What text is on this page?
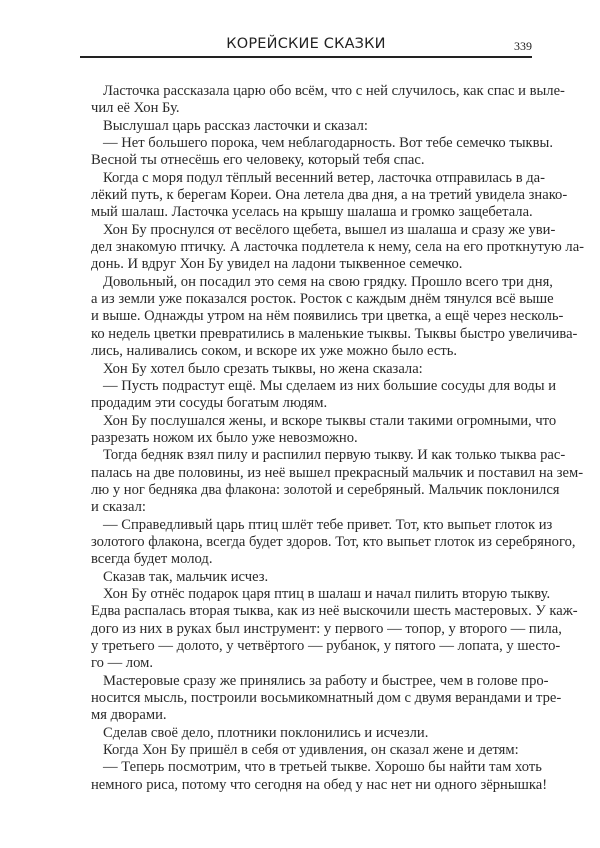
КОРЕЙСКИЕ СКАЗКИ	339
Ласточка рассказала царю обо всём, что с ней случилось, как спас и выле-
чил её Хон Бу.
Выслушал царь рассказ ласточки и сказал:
— Нет большего порока, чем неблагодарность. Вот тебе семечко тыквы.
Весной ты отнесёшь его человеку, который тебя спас.
Когда с моря подул тёплый весенний ветер, ласточка отправилась в да-
лёкий путь, к берегам Кореи. Она летела два дня, а на третий увидела знако-
мый шалаш. Ласточка уселась на крышу шалаша и громко защебетала.
Хон Бу проснулся от весёлого щебета, вышел из шалаша и сразу же уви-
дел знакомую птичку. А ласточка подлетела к нему, села на его проткнутую ла-
донь. И вдруг Хон Бу увидел на ладони тыквенное семечко.
Довольный, он посадил это семя на свою грядку. Прошло всего три дня,
а из земли уже показался росток. Росток с каждым днём тянулся всё выше
и выше. Однажды утром на нём появились три цветка, а ещё через несколь-
ко недель цветки превратились в маленькие тыквы. Тыквы быстро увеличива-
лись, наливались соком, и вскоре их уже можно было есть.
Хон Бу хотел было срезать тыквы, но жена сказала:
— Пусть подрастут ещё. Мы сделаем из них большие сосуды для воды и
продадим эти сосуды богатым людям.
Хон Бу послушался жены, и вскоре тыквы стали такими огромными, что
разрезать ножом их было уже невозможно.
Тогда бедняк взял пилу и распилил первую тыкву. И как только тыква рас-
палась на две половины, из неё вышел прекрасный мальчик и поставил на зем-
лю у ног бедняка два флакона: золотой и серебряный. Мальчик поклонился
и сказал:
— Справедливый царь птиц шлёт тебе привет. Тот, кто выпьет глоток из
золотого флакона, всегда будет здоров. Тот, кто выпьет глоток из серебряного,
всегда будет молод.
Сказав так, мальчик исчез.
Хон Бу отнёс подарок царя птиц в шалаш и начал пилить вторую тыкву.
Едва распалась вторая тыква, как из неё выскочили шесть мастеровых. У каж-
дого из них в руках был инструмент: у первого — топор, у второго — пила,
у третьего — долото, у четвёртого — рубанок, у пятого — лопата, у шесто-
го — лом.
Мастеровые сразу же принялись за работу и быстрее, чем в голове про-
носится мысль, построили восьмикомнатный дом с двумя верандами и тре-
мя дворами.
Сделав своё дело, плотники поклонились и исчезли.
Когда Хон Бу пришёл в себя от удивления, он сказал жене и детям:
— Теперь посмотрим, что в третьей тыкве. Хорошо бы найти там хоть
немного риса, потому что сегодня на обед у нас нет ни одного зёрнышка!
